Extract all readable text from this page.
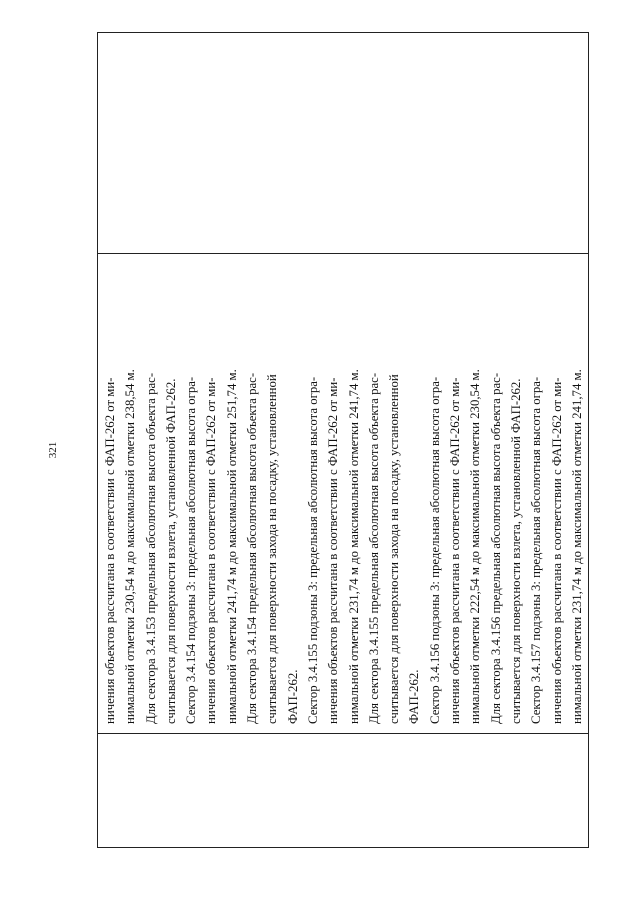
321	ничения объектов рассчитана в соответствии с ФАП-262 от ми- нимальной отметки 230,54 м до максимальной отметки 238,54 м. Для сектора 3.4.153 предельная абсолютная высота объекта рас- считывается для поверхности взлета, установленной ФАП-262. Сектор 3.4.154 подзоны 3: предельная абсолютная высота огра- ничения объектов рассчитана в соответствии с ФАП-262 от ми- нимальной отметки 241,74 м до максимальной отметки 251,74 м. Для сектора 3.4.154 предельная абсолютная высота объекта рас- считывается для поверхности захода на посадку, установленной ФАП-262. Сектор 3.4.155 подзоны 3: предельная абсолютная высота огра- ничения объектов рассчитана в соответствии с ФАП-262 от ми- нимальной отметки 231,74 м до максимальной отметки 241,74 м. Для сектора 3.4.155 предельная абсолютная высота объекта рас- считывается для поверхности захода на посадку, установленной ФАП-262. Сектор 3.4.156 подзоны 3: предельная абсолютная высота огра- ничения объектов рассчитана в соответствии с ФАП-262 от ми- нимальной отметки 222,54 м до максимальной отметки 230,54 м. Для сектора 3.4.156 предельная абсолютная высота объекта рас- считывается для поверхности взлета, установленной ФАП-262. Сектор 3.4.157 подзоны 3: предельная абсолютная высота огра- ничения объектов рассчитана в соответствии с ФАП-262 от ми- нимальной отметки 231,74 м до максимальной отметки 241,74 м.
